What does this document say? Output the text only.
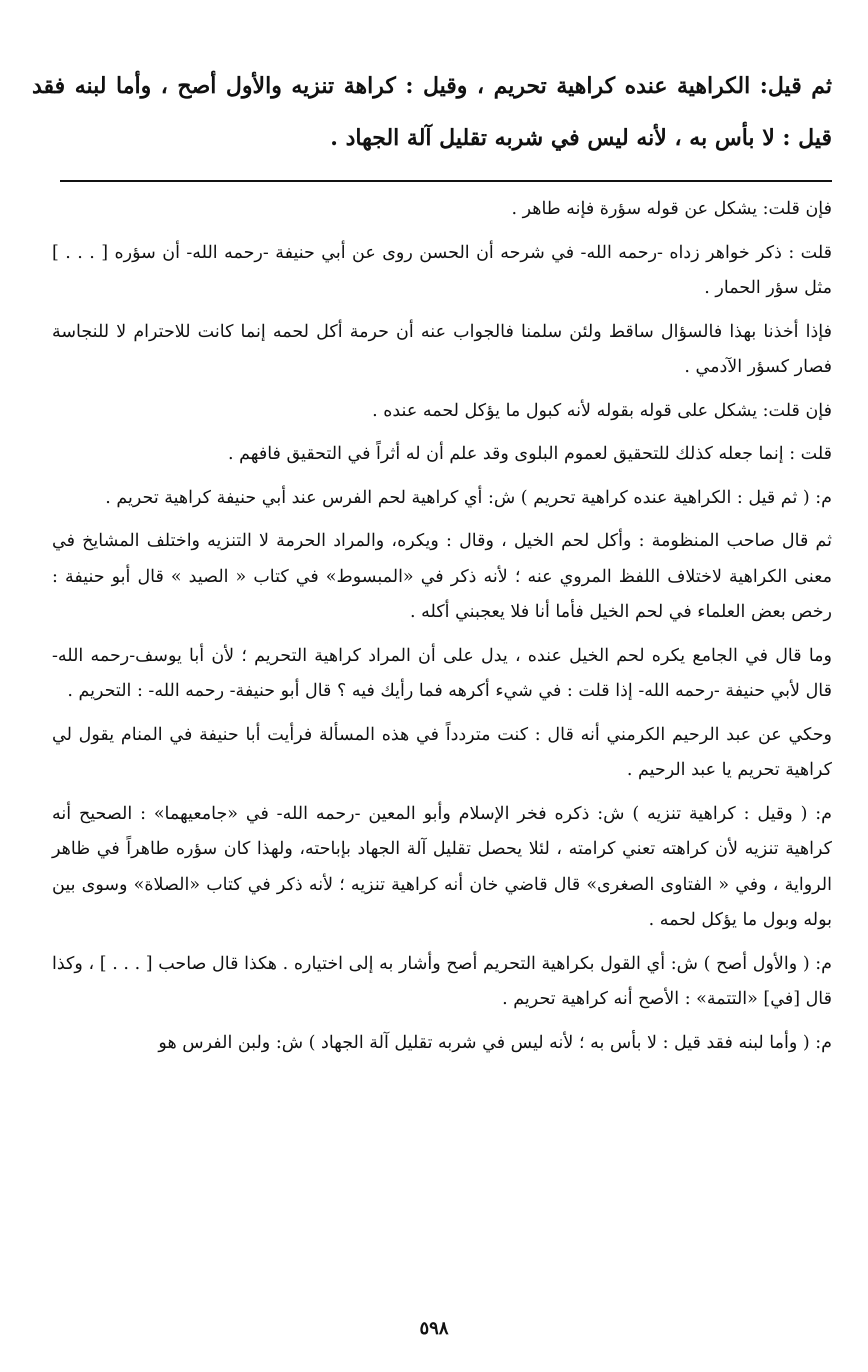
ثم قيل: الكراهية عنده كراهية تحريم ، وقيل : كراهة تنزيه والأول أصح ، وأما لبنه فقد قيل : لا بأس به ، لأنه ليس في شربه تقليل آلة الجهاد .

فإن قلت: يشكل عن قوله سؤرة فإنه طاهر .

قلت : ذكر خواهر زداه -رحمه الله- في شرحه أن الحسن روى عن أبي حنيفة -رحمه الله- أن سؤره [ . . . ] مثل سؤر الحمار .

فإذا أخذنا بهذا فالسؤال ساقط ولئن سلمنا فالجواب عنه أن حرمة أكل لحمه إنما كانت للاحترام لا للنجاسة فصار كسؤر الآدمي .

فإن قلت: يشكل على قوله بقوله لأنه كبول ما يؤكل لحمه عنده .

قلت : إنما جعله كذلك للتحقيق لعموم البلوى وقد علم أن له أثراً في التحقيق فافهم .

م: ( ثم قيل : الكراهية عنده كراهية تحريم ) ش: أي كراهية لحم الفرس عند أبي حنيفة كراهية تحريم .

ثم قال صاحب المنظومة : وأكل لحم الخيل ، وقال : ويكره، والمراد الحرمة لا التنزيه واختلف المشايخ في معنى الكراهية لاختلاف اللفظ المروي عنه ؛ لأنه ذكر في «المبسوط» في كتاب « الصيد » قال أبو حنيفة : رخص بعض العلماء في لحم الخيل فأما أنا فلا يعجبني أكله .

وما قال في الجامع يكره لحم الخيل عنده ، يدل على أن المراد كراهية التحريم ؛ لأن أبا يوسف-رحمه الله- قال لأبي حنيفة -رحمه الله- إذا قلت : في شيء أكرهه فما رأيك فيه ؟ قال أبو حنيفة- رحمه الله- : التحريم .

وحكي عن عبد الرحيم الكرمني أنه قال : كنت متردداً في هذه المسألة فرأيت أبا حنيفة في المنام يقول لي كراهية تحريم يا عبد الرحيم .

م: ( وقيل : كراهية تنزيه ) ش: ذكره فخر الإسلام وأبو المعين -رحمه الله- في «جامعيهما» : الصحيح أنه كراهية تنزيه لأن كراهته تعني كرامته ، لئلا يحصل تقليل آلة الجهاد بإباحته، ولهذا كان سؤره طاهراً في ظاهر الرواية ، وفي « الفتاوى الصغرى» قال قاضي خان أنه كراهية تنزيه ؛ لأنه ذكر في كتاب «الصلاة» وسوى بين بوله وبول ما يؤكل لحمه .

م: ( والأول أصح ) ش: أي القول بكراهية التحريم أصح وأشار به إلى اختياره . هكذا قال صاحب [ . . . ] ، وكذا قال [في] «التتمة» : الأصح أنه كراهية تحريم .

م: ( وأما لبنه فقد قيل : لا بأس به ؛ لأنه ليس في شربه تقليل آلة الجهاد ) ش: ولبن الفرس هو

٥٩٨
